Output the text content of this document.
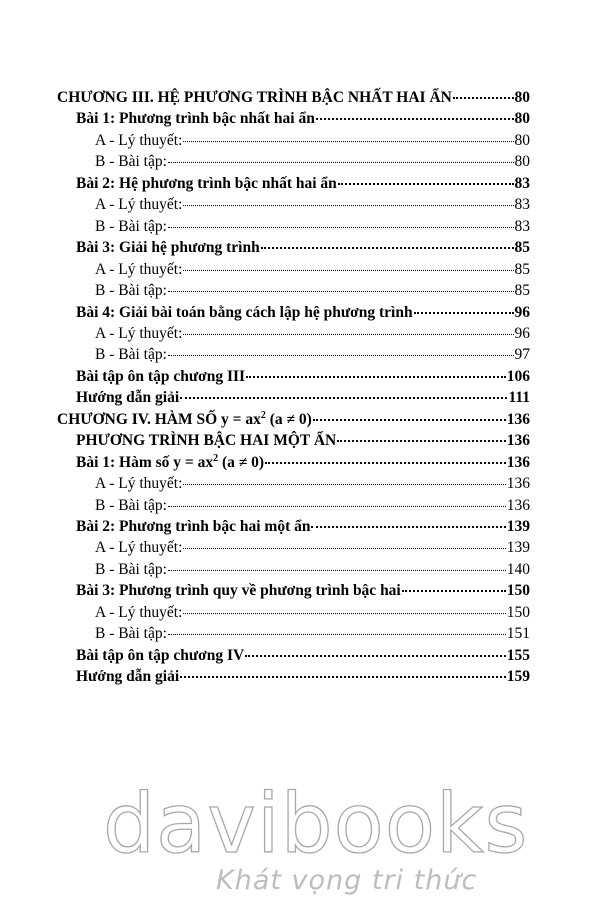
CHƯƠNG III. HỆ PHƯƠNG TRÌNH BẬC NHẤT HAI ẨN	80
Bài 1: Phương trình bậc nhất hai ẩn	80
A - Lý thuyết:	80
B - Bài tập:	80
Bài 2: Hệ phương trình bậc nhất hai ẩn	83
A - Lý thuyết:	83
B - Bài tập:	83
Bài 3: Giải hệ phương trình	85
A - Lý thuyết:	85
B - Bài tập:	85
Bài 4: Giải bài toán bằng cách lập hệ phương trình	96
A - Lý thuyết:	96
B - Bài tập:	97
Bài tập ôn tập chương III	106
Hướng dẫn giải	111
CHƯƠNG IV. HÀM SỐ $y = ax^2$ (a ≠ 0)	136
PHƯƠNG TRÌNH BẬC HAI MỘT ẨN	136
Bài 1: Hàm số $y = ax^2$ (a ≠ 0)	136
A - Lý thuyết:	136
B - Bài tập:	136
Bài 2: Phương trình bậc hai một ẩn	139
A - Lý thuyết:	139
B - Bài tập:	140
Bài 3: Phương trình quy về phương trình bậc hai	150
A - Lý thuyết:	150
B - Bài tập:	151
Bài tập ôn tập chương IV	155
Hướng dẫn giải	159
davibooks
Khát vọng tri thức
